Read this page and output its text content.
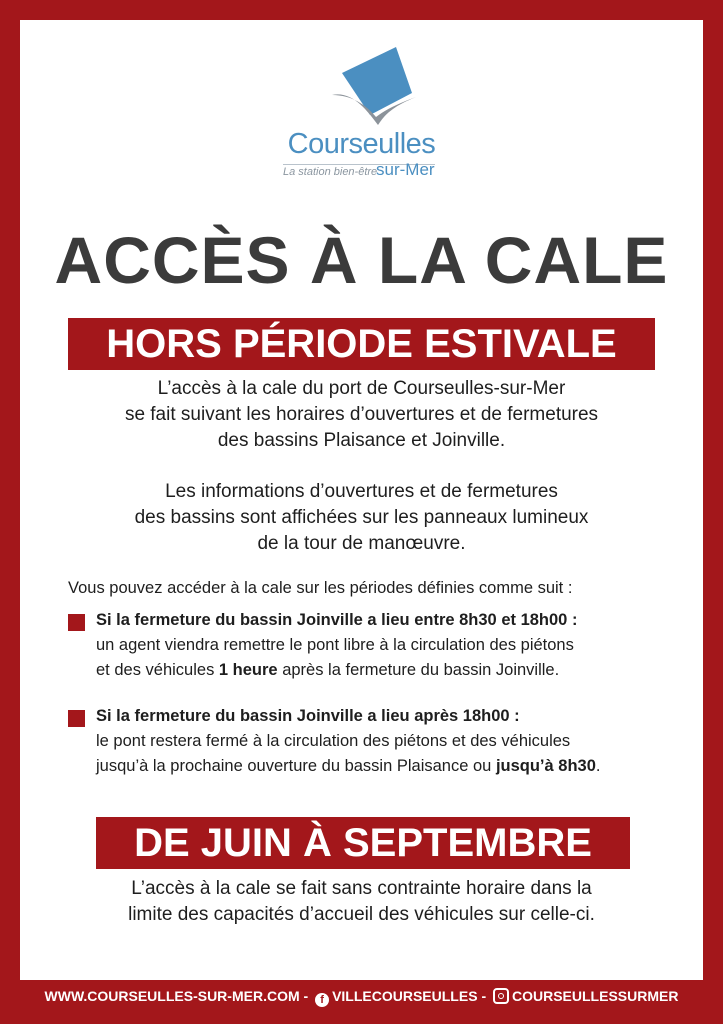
Courseulles
La station bien-être
sur-Mer
ACCÈS À LA CALE
HORS PÉRIODE ESTIVALE
L’accès à la cale du port de Courseulles-sur-Mer
se fait suivant les horaires d’ouvertures et de fermetures
des bassins Plaisance et Joinville.
Les informations d’ouvertures et de fermetures
des bassins sont affichées sur les panneaux lumineux
de la tour de manœuvre.
Vous pouvez accéder à la cale sur les périodes définies comme suit :
Si la fermeture du bassin Joinville a lieu entre 8h30 et 18h00 :
un agent viendra remettre le pont libre à la circulation des piétons
et des véhicules 1 heure après la fermeture du bassin Joinville.
Si la fermeture du bassin Joinville a lieu après 18h00 :
le pont restera fermé à la circulation des piétons et des véhicules
jusqu’à la prochaine ouverture du bassin Plaisance ou jusqu’à 8h30.
DE JUIN À SEPTEMBRE
L’accès à la cale se fait sans contrainte horaire dans la
limite des capacités d’accueil des véhicules sur celle-ci.
WWW.COURSEULLES-SUR-MER.COM - f VILLECOURSEULLES - COURSEULLESSURMER
